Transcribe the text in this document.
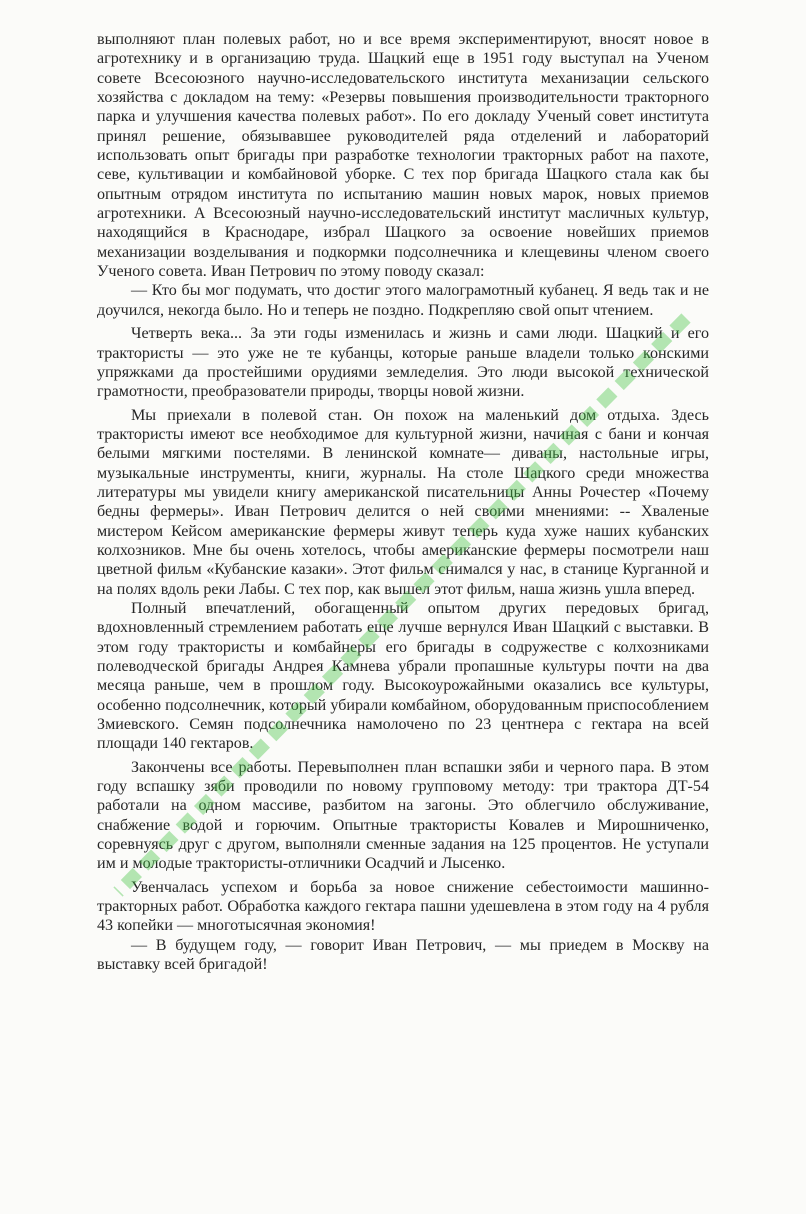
выполняют план полевых работ, но и все время экспериментируют, вносят новое в агротехнику и в организацию труда. Шацкий еще в 1951 году выступал на Ученом совете Всесоюзного научно-исследовательского института механизации сельского хозяйства с докладом на тему: «Резервы повышения производительности тракторного парка и улучшения качества полевых работ». По его докладу Ученый совет института принял решение, обязывавшее руководителей ряда отделений и лабораторий использовать опыт бригады при разработке технологии тракторных работ на пахоте, севе, культивации и комбайновой уборке. С тех пор бригада Шацкого стала как бы опытным отрядом института по испытанию машин новых марок, новых приемов агротехники. А Всесоюзный научно-исследовательский институт масличных культур, находящийся в Краснодаре, избрал Шацкого за освоение новейших приемов механизации возделывания и подкормки подсолнечника и клещевины членом своего Ученого совета. Иван Петрович по этому поводу сказал:

— Кто бы мог подумать, что достиг этого малограмотный кубанец. Я ведь так и не доучился, некогда было. Но и теперь не поздно. Подкрепляю свой опыт чтением.

Четверть века... За эти годы изменилась и жизнь и сами люди. Шацкий и его трактористы — это уже не те кубанцы, которые раньше владели только конскими упряжками да простейшими орудиями земледелия. Это люди высокой технической грамотности, преобразователи природы, творцы новой жизни.

Мы приехали в полевой стан. Он похож на маленький дом отдыха. Здесь трактористы имеют все необходимое для культурной жизни, начиная с бани и кончая белыми мягкими постелями. В ленинской комнате— диваны, настольные игры, музыкальные инструменты, книги, журналы. На столе Шацкого среди множества литературы мы увидели книгу американской писательницы Анны Рочестер «Почему бедны фермеры». Иван Петрович делится о ней своими мнениями: -- Хваленые мистером Кейсом американские фермеры живут теперь куда хуже наших кубанских колхозников. Мне бы очень хотелось, чтобы американские фермеры посмотрели наш цветной фильм «Кубанские казаки». Этот фильм снимался у нас, в станице Курганной и на полях вдоль реки Лабы. С тех пор, как вышел этот фильм, наша жизнь ушла вперед.

Полный впечатлений, обогащенный опытом других передовых бригад, вдохновленный стремлением работать еще лучше вернулся Иван Шацкий с выставки. В этом году трактористы и комбайнеры его бригады в содружестве с колхозниками полеводческой бригады Андрея Камнева убрали пропашные культуры почти на два месяца раньше, чем в прошлом году. Высокоурожайными оказались все культуры, особенно подсолнечник, который убирали комбайном, оборудованным приспособлением Змиевского. Семян подсолнечника намолочено по 23 центнера с гектара на всей площади 140 гектаров.

Закончены все работы. Перевыполнен план вспашки зяби и черного пара. В этом году вспашку зяби проводили по новому групповому методу: три трактора ДТ-54 работали на одном массиве, разбитом на загоны. Это облегчило обслуживание, снабжение водой и горючим. Опытные трактористы Ковалев и Мирошниченко, соревнуясь друг с другом, выполняли сменные задания на 125 процентов. Не уступали им и молодые трактористы-отличники Осадчий и Лысенко.

Увенчалась успехом и борьба за новое снижение себестоимости машинно-тракторных работ. Обработка каждого гектара пашни удешевлена в этом году на 4 рубля 43 копейки — многотысячная экономия!

— В будущем году, — говорит Иван Петрович, — мы приедем в Москву на выставку всей бригадой!
